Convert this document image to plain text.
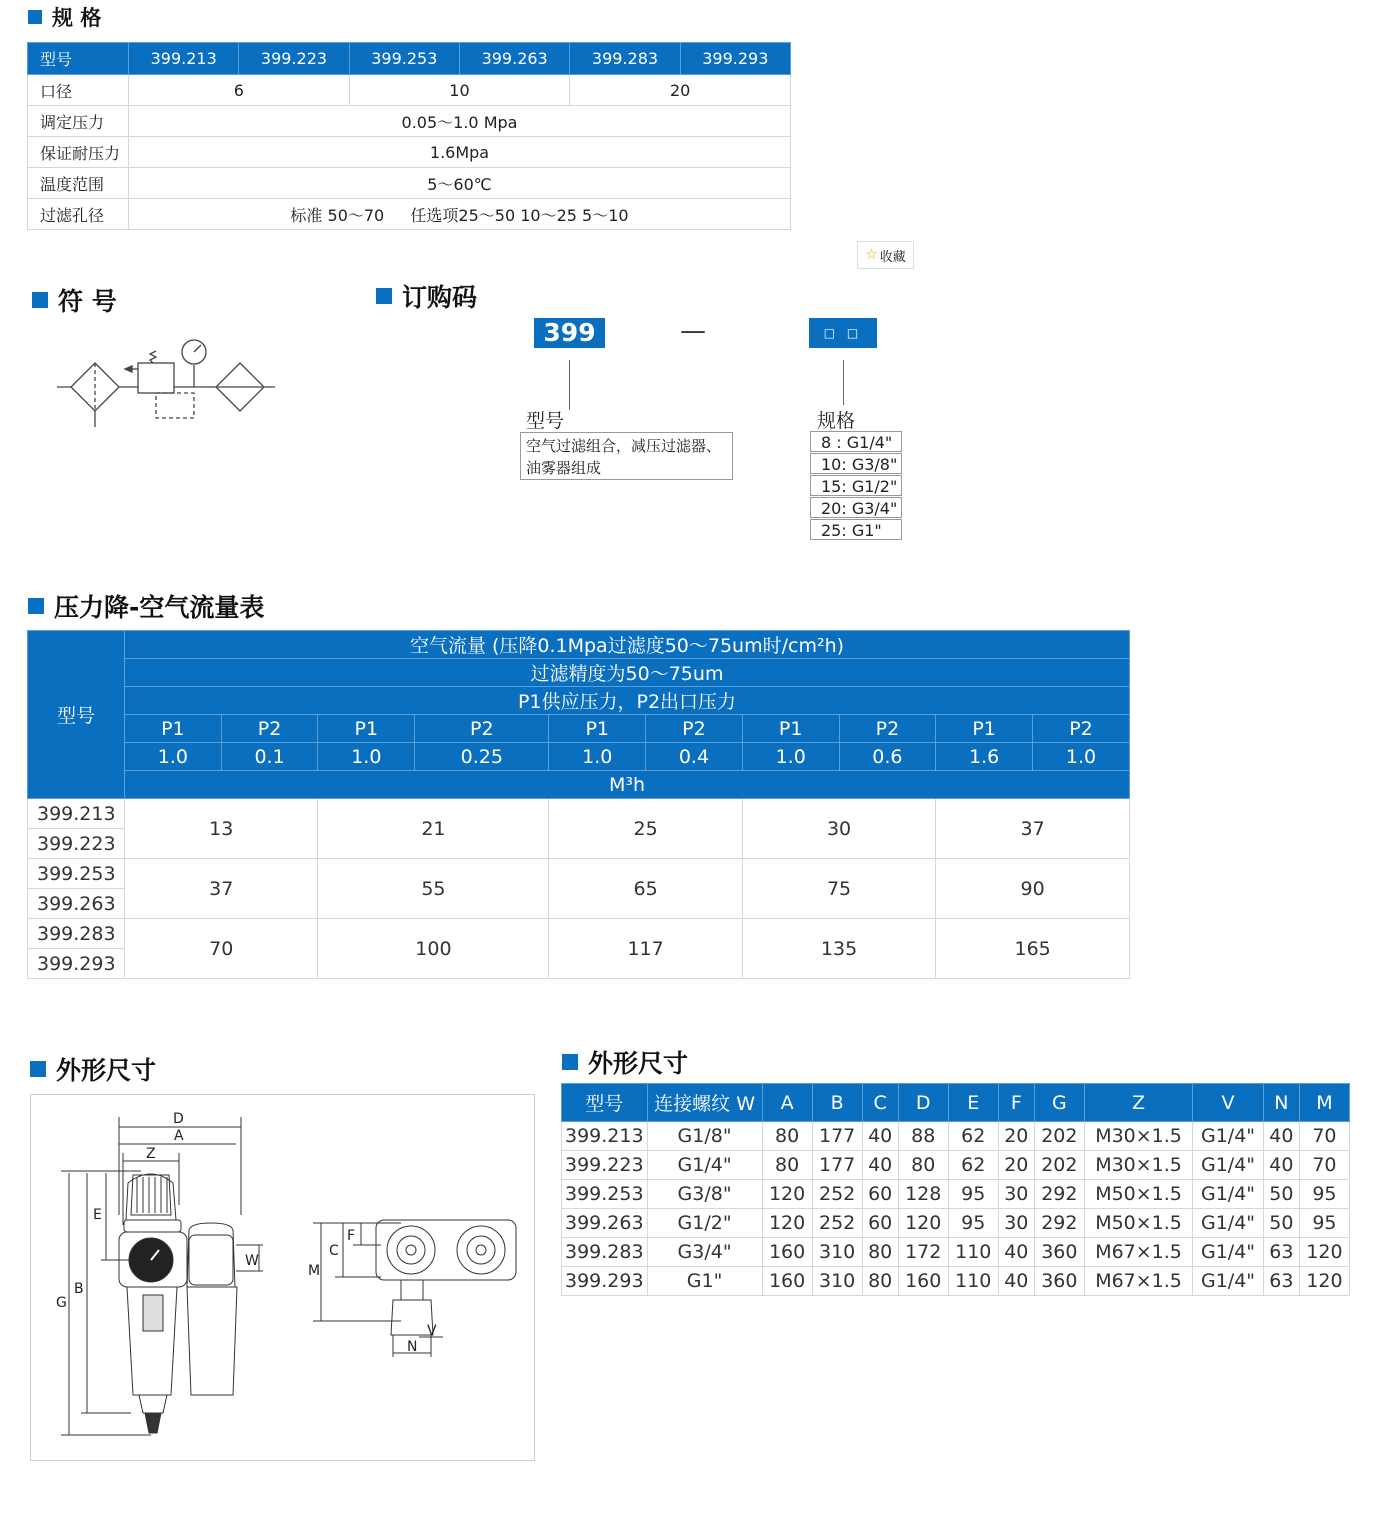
规 格
型号	399.213	399.223	399.253	399.263	399.283	399.293
口径	6		10		20	
调定压力	0.05～1.0 Mpa					
保证耐压力	1.6Mpa					
温度范围	5～60℃					
过滤孔径	标准 50～70　  任选项25～50 10～25 5～10					
☆ 收藏
符 号	订购码
399	—	□ □
型号
空气过滤组合，减压过滤器、
油雾器组成
规格
8 : G1/4"
10: G3/8"
15: G1/2"
20: G3/4"
25: G1"
压力降-空气流量表
型号	空气流量 (压降0.1Mpa过滤度50～75um时/cm²h)									
	过滤精度为50～75um									
	P1供应压力，P2出口压力									
	P1	P2	P1	P2	P1	P2	P1	P2	P1	P2
	1.0	0.1	1.0	0.25	1.0	0.4	1.0	0.6	1.6	1.0
	M³h									
399.213	13		21		25		30		37	
399.223										
399.253	37		55		65		75		90	
399.263										
399.283	70		100		117		135		165	
399.293										
外形尺寸
D
A
Z
E
B
G
W
M
C
F
V
N
外形尺寸
型号	连接螺纹 W	A	B	C	D	E	F	G	Z	V	N	M
399.213	G1/8"	80	177	40	88	62	20	202	M30×1.5	G1/4"	40	70
399.223	G1/4"	80	177	40	80	62	20	202	M30×1.5	G1/4"	40	70
399.253	G3/8"	120	252	60	128	95	30	292	M50×1.5	G1/4"	50	95
399.263	G1/2"	120	252	60	120	95	30	292	M50×1.5	G1/4"	50	95
399.283	G3/4"	160	310	80	172	110	40	360	M67×1.5	G1/4"	63	120
399.293	G1"	160	310	80	160	110	40	360	M67×1.5	G1/4"	63	120
